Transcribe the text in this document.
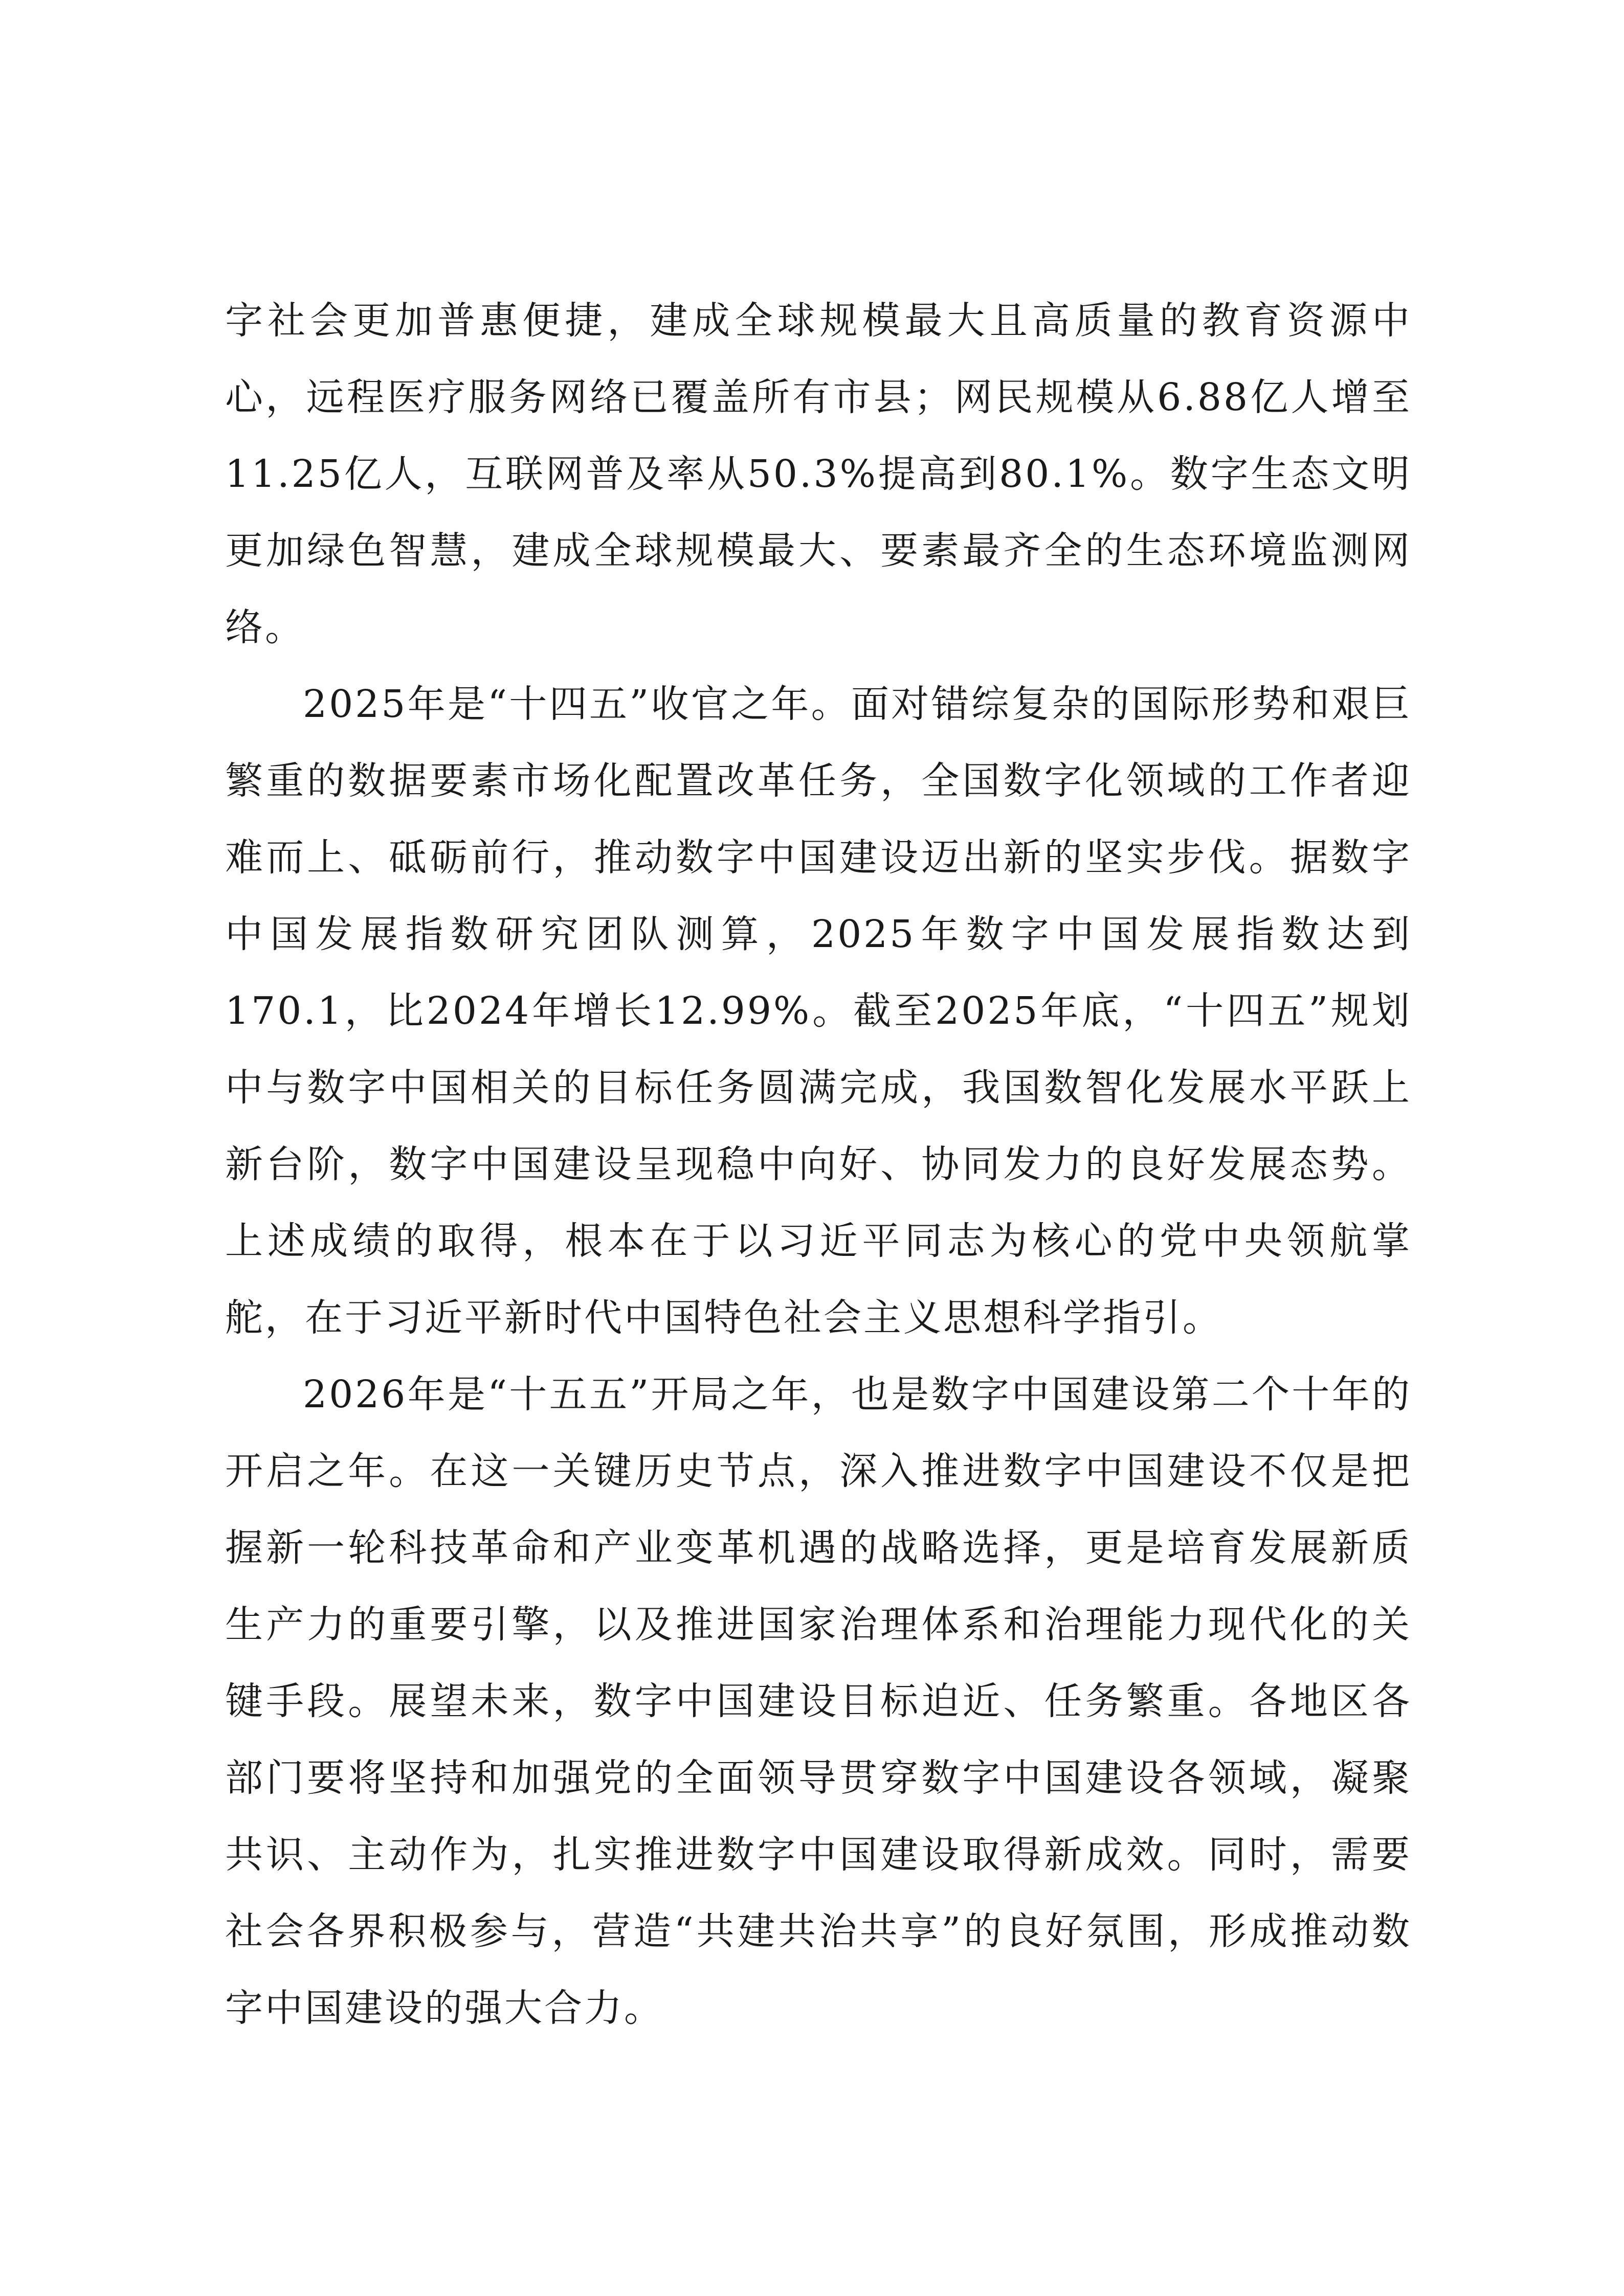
字社会更加普惠便捷，建成全球规模最大且高质量的教育资源中心，远程医疗服务网络已覆盖所有市县；网民规模从6.88亿人增至11.25亿人，互联网普及率从50.3%提高到80.1%。数字生态文明更加绿色智慧，建成全球规模最大、要素最齐全的生态环境监测网络。

2025年是“十四五”收官之年。面对错综复杂的国际形势和艰巨繁重的数据要素市场化配置改革任务，全国数字化领域的工作者迎难而上、砥砺前行，推动数字中国建设迈出新的坚实步伐。据数字中国发展指数研究团队测算，2025年数字中国发展指数达到170.1，比2024年增长12.99%。截至2025年底，“十四五”规划中与数字中国相关的目标任务圆满完成，我国数智化发展水平跃上新台阶，数字中国建设呈现稳中向好、协同发力的良好发展态势。上述成绩的取得，根本在于以习近平同志为核心的党中央领航掌舵，在于习近平新时代中国特色社会主义思想科学指引。

2026年是“十五五”开局之年，也是数字中国建设第二个十年的开启之年。在这一关键历史节点，深入推进数字中国建设不仅是把握新一轮科技革命和产业变革机遇的战略选择，更是培育发展新质生产力的重要引擎，以及推进国家治理体系和治理能力现代化的关键手段。展望未来，数字中国建设目标迫近、任务繁重。各地区各部门要将坚持和加强党的全面领导贯穿数字中国建设各领域，凝聚共识、主动作为，扎实推进数字中国建设取得新成效。同时，需要社会各界积极参与，营造“共建共治共享”的良好氛围，形成推动数字中国建设的强大合力。
